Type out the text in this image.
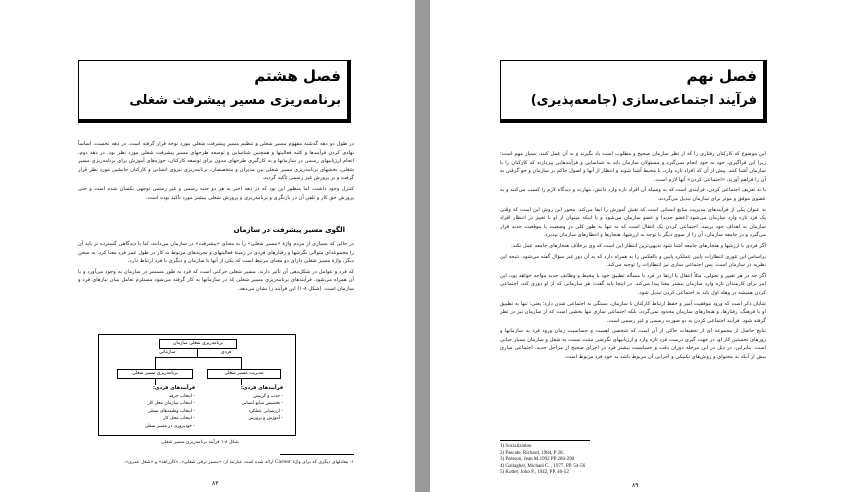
فصل هشتم
برنامه‌ریزی مسیر پیشرفت شغلی

در طول دو دهه گذشته مفهوم مسیر شغلی و تنظیم مسیر پیشرفت شغلی مورد توجه قرار گرفته است. در دهه نخست، اساساً نهادی کردن فرآیندها و کلیه فعالیتها و همچنین شناسایی و توسعه طرحهای مسیر پیشرفت شغلی مورد نظر بود. در دهه دوم، انجام ارزیابیهای رسمی در سازمانها و به کارگیری طرحهای مدون برای توسعه کارکنان، حوزه‌های آموزش برای برنامه‌ریزی مسیر شغلی، بخشهای برنامه‌ریزی مسیر شغلی بین مدیران و متخصصان، برنامه‌ریزی نیروی انسانی و کارکنان جانشین مورد نظر قرار گرفت و بر پرورش غیر رسمی تأکید گردید.

کنترل وجود داشت. اما منظور این بود که در دهه اخیر به هر دو جنبه رسمی و غیر رسمی توجهی یکسان شده است و حتی پرورش حق کار و تلفن آن در بازنگری و برنامه‌ریزی و پرورش شغلی بیشتر مورد تأکید بوده است.

الگوی مسیر پیشرفت در سازمان

در حالی که بسیاری از مردم واژهٔ «مسیر شغلی» را به معنای «پیشرفت» در سازمان می‌دانند، اما با دیدگاهی گسترده تر باید آن را مجموعه‌ای متوالی نگرشها و رفتارهای فردی در زمینهٔ فعالیتهای و تجربه‌های مربوط به کار در طول عمر فرد معنا کرد. به سخن دیگر، واژهٔ مسیر شغلی دارای دو معنای مرتبط است که یکی از آنها با سازمان و دیگری با فرد ارتباط دارد.

که فرد و عوامل در شکل‌دهی آن تأثیر دارند. مسیر شغلی حرکتی است که فرد به طور مستمر در سازمان به وجود می‌آورد و با آن همراه می‌شود. فرآیندهای برنامه‌ریزی مسیر شغلی که در سازمانها به کار گرفته می‌شود مستلزم تعامل میان نیازهای فرد و سازمان است. (شکل ۸-۱) این فرآیند را نشان می‌دهد.

برنامه‌ریزی شغلی سازمان
سازمانی	فردی
برنامه‌ریزی مسیر شغلی	مدیریت مسیر شغلی
فرآیندهای فردی:
- انتخاب حرفه
- انتخاب سازمان محل کار
- انتخاب وظیفه‌های شغلی
- انتخاب محل کار
- خودپروری در مسیر شغلی
فرآیندهای فردی:
- جذب و گزینش
- تخصیص منابع انسانی
- ارزشیابی عملکرد
- آموزش و پرورش
شکل ۸-۱ فرآیند برنامه‌ریزی مسیر شغلی
۱- معادلهای دیگری که برای واژهٔ Career ارائه شده است عبارتند از: «مسیر ترقی شغلی»، «کارراهه» و «شغل عمری».
۸۳
فصل نهم
فرآیند اجتماعی‌سازی (جامعه‌پذیری)

این موضوع که کارکنان رفتاری را که از نظر سازمان صحیح و مطلوب است یاد بگیرند و به آن عمل کنند، بسیار مهم است؛ زیرا این فراگیری، خود به خود انجام نمی‌گیرد و مسئولان سازمان باید به شناسایی و فرآیندهایی بپردازند که کارکنان را با سازمان آشنا کنند. پیش از آن که افراد تازه وارد، با محیط آشنا شوند و انتظار از آنها و اصول حاکم بر سازمان و خو گرفتن به آن را فراهم آورند، «اجتماعی کردن» آنها لازم است.

با نه تعریف اجتماعی کردن، فرآیندی است که به وسیله آن افراد تازه وارد دانش، مهارت و دیدگاه لازم را کسب می‌کنند و به عضوی موفق و موثر برای سازمان تبدیل می‌گردند.

به عنوان یکی از فرآیندهای مدیریت منابع انسانی است که نقش آموزش را ایفا می‌کند. محور این روش این است که وقتی یک فرد تازه وارد سازمان می‌شود (عضو جدید) و عضو سازمان می‌شود و با اینکه میتوان از او با تغییر در انتظار افراد سازمان به اهداف خود برسد، اجتماعی کردن یک انتقال است که نه تنها به طور کلی در وضعیت یا موقعیت جدید قرار می‌گیرد و در جامعه سازمان، آن را از سوی دیگر با توجه به ارزشها، هنجارها و انتظارهای سازمان بپذیرد.

اگر فردی با ارزشها و هنجارهای جامعه آشنا شود بدیهی‌ترین انتظار این است که وی برخلاف هنجارهای جامعه عمل نکند.

براساس این تئوری انتظارات پایین عملکرد پایین و بالعکس را به همراه دارد که به آن دور غیر سؤال گفته می‌شود. نتیجه این نظریه در سازمان است. پس اجتماعی سازی نیز انتظارات را توجیه می‌کند.

اگر چه در هر تغییر و تحولی، مثلاً انتقال یا ارتقا در فرد با مسأله تطبیق خود با محیط و وظایف جدید مواجه خواهد بود، این امر برای کارمندان تازه وارد سازمان بیشتر معنا پیدا می‌کند. در اینجا باید گفت: هر سازمانی که از او دوری کند، اجتماعی کردن همیشه در وهله اول باید به اجتماعی کردن تبدیل شود.

شایان ذکر است که ورود موفقیت آمیز و حفظ ارتباط کارکنان با سازمان، بستگی به اجتماعی شدن دارد؛ یعنی: تنها به تطبیق او با فرهنگ، رفتارها، و هنجارهای سازمان محدود نمی‌گردد. بلکه اجتماعی سازی تنها بخشی است که از سازمان نیز در نظر گرفته شود. فرآیند اجتماعی کردن به دو صورت رسمی و غیر رسمی است.

نتایج حاصل از مجموعه ای از تحقیقات حاکی از آن است که شخصی اهمیت و حساسیت زمان ورود فرد به سازمانها و روزهای نخستین کار او، در جهت گیری درست فرد تازه وارد و ارزیابیهای نگرشی مثبت نسبت به شغل و سازمان بسیار حیاتی است. بنابراین، در ذیل در این مرحله دوران دقت و حساسیت بیشتر فرد در اجرای صحیح از مراحل جدید، اجتماعی سازی بیش از آنکه به محتوای و روش‌های تکنیکی و اجرایی آن مربوط باشد به خود فرد مربوط است.

1) Socialization
2) Pascale, Richard, 1984, P 28.
3) Pearson, Jean M.1992 PP 286-290
4) Gallagher, Michael C. , 1977, PP. 54-56
5) Kotter, John P., 1942, PP. 46-52
۸۹
